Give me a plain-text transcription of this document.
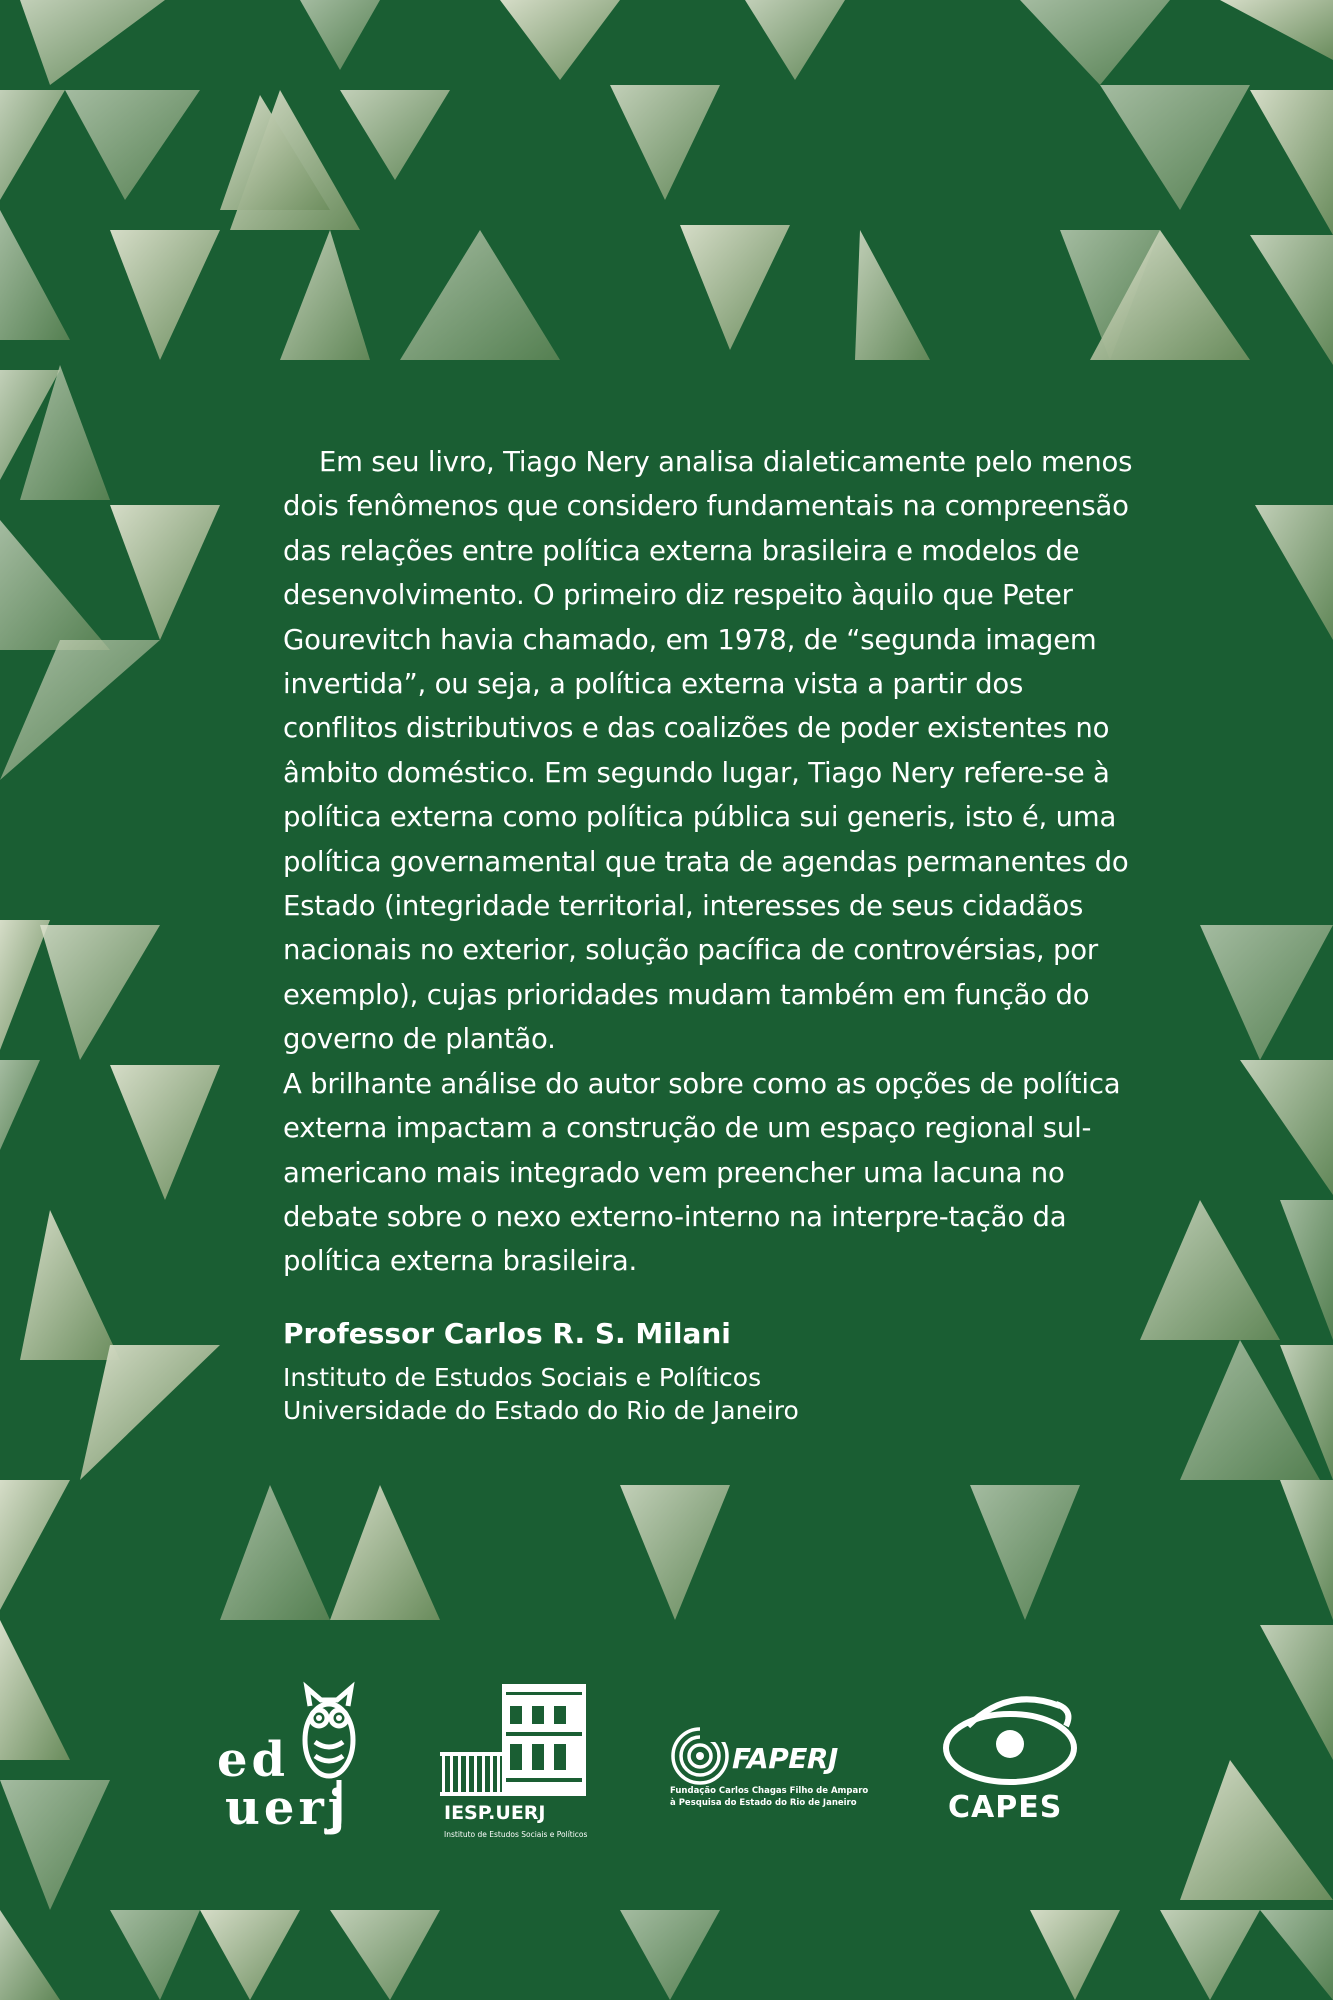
Em seu livro, Tiago Nery analisa dialeticamente pelo menos dois fenômenos que considero fundamentais na compreensão das relações entre política externa brasileira e modelos de desenvolvimento. O primeiro diz respeito àquilo que Peter Gourevitch havia chamado, em 1978, de “segunda imagem invertida”, ou seja, a política externa vista a partir dos conflitos distributivos e das coalizões de poder existentes no âmbito doméstico. Em segundo lugar, Tiago Nery refere-se à política externa como política pública sui generis, isto é, uma política governamental que trata de agendas permanentes do Estado (integridade territorial, interesses de seus cidadãos nacionais no exterior, solução pacífica de controvérsias, por exemplo), cujas prioridades mudam também em função do governo de plantão.

A brilhante análise do autor sobre como as opções de política externa impactam a construção de um espaço regional sul-americano mais integrado vem preencher uma lacuna no debate sobre o nexo externo-interno na interpre-tação da política externa brasileira.

Professor Carlos R. S. Milani
Instituto de Estudos Sociais e Políticos
Universidade do Estado do Rio de Janeiro
ed
uerj	IESP.UERJ
Instituto de Estudos Sociais e Políticos
FAPERJ
Fundação Carlos Chagas Filho de Amparo
à Pesquisa do Estado do Rio de Janeiro	CAPES
